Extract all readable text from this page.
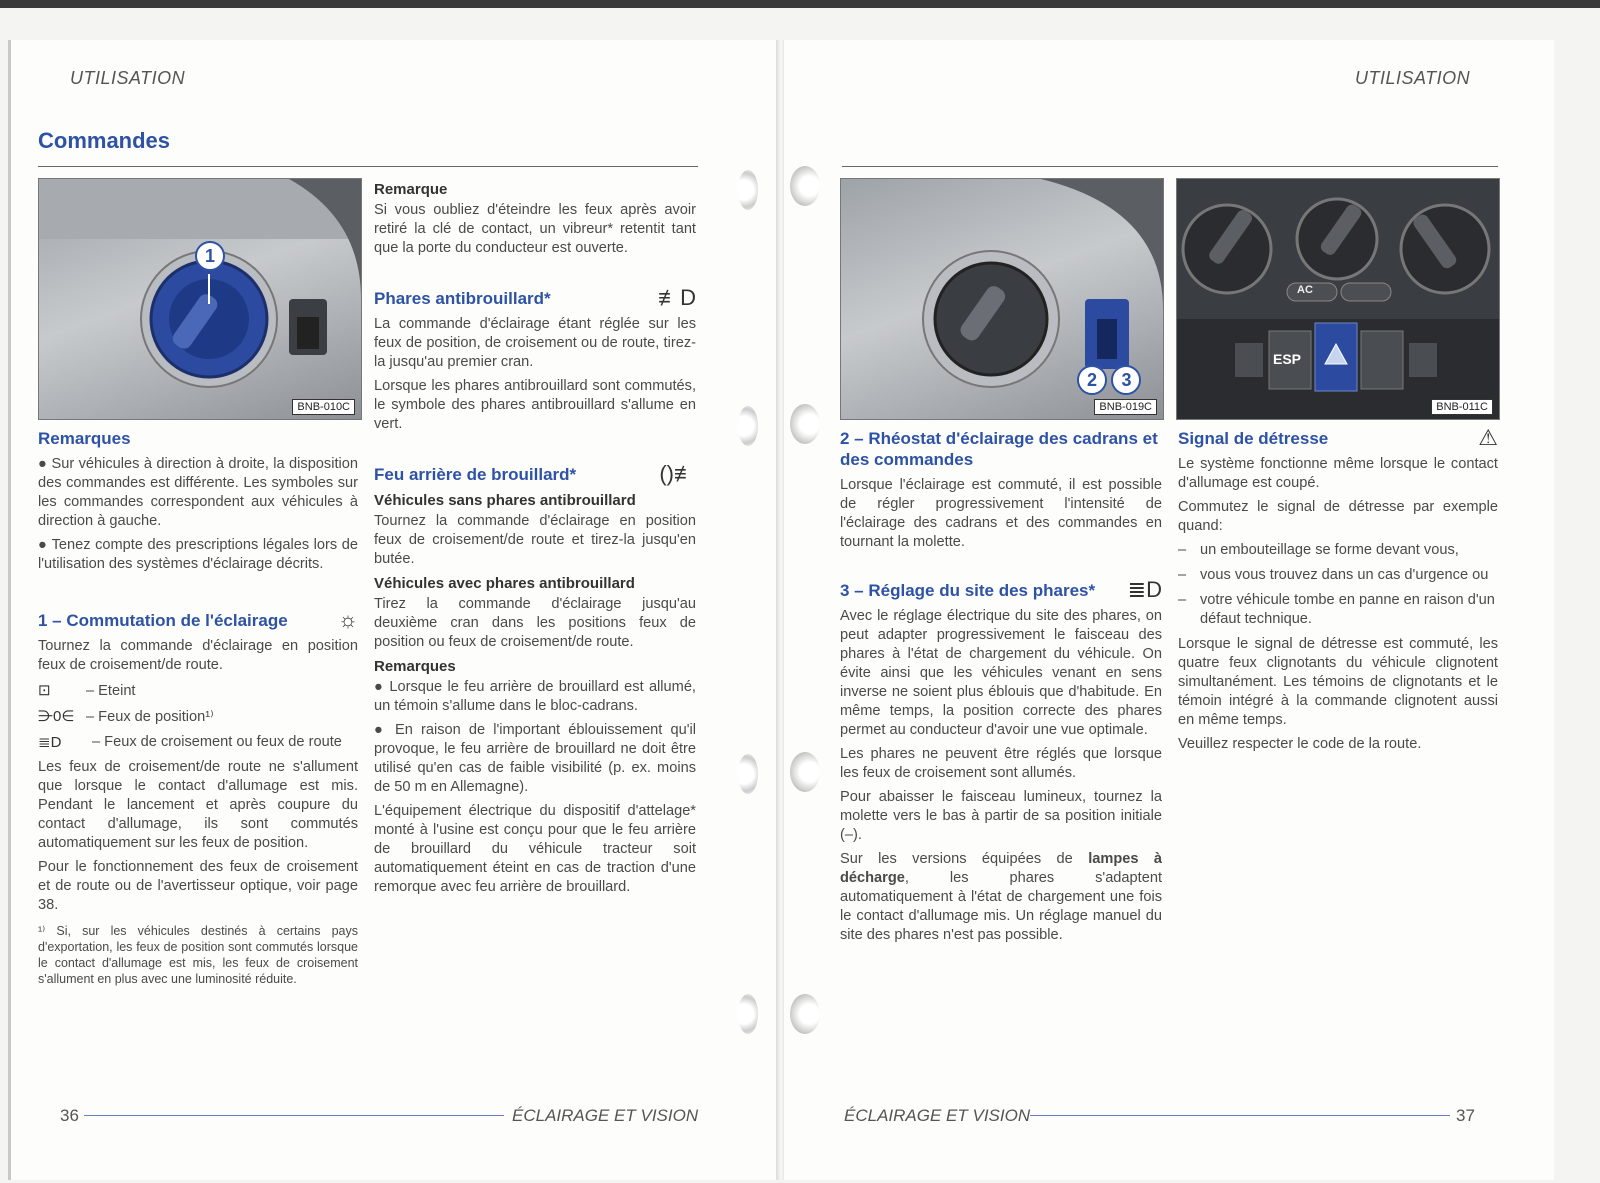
UTILISATION	UTILISATION
Commandes
1
BNB-010C
Remarques

● Sur véhicules à direction à droite, la disposition des commandes est différente. Les symboles sur les commandes correspondent aux véhicules à direction à gauche.

● Tenez compte des prescriptions légales lors de l'utilisation des systèmes d'éclairage décrits.

1 – Commutation de l'éclairage	☼

Tournez la commande d'éclairage en position feux de croisement/de route.

⊡ – Eteint
⋺0∈ – Feux de position¹⁾
≣D	– Feux de croisement ou feux de route

Les feux de croisement/de route ne s'allument que lorsque le contact d'allumage est mis. Pendant le lancement et après coupure du contact d'allumage, ils sont commutés automatiquement sur les feux de position.

Pour le fonctionnement des feux de croisement et de route ou de l'avertisseur optique, voir page 38.

¹⁾ Si, sur les véhicules destinés à certains pays d'exportation, les feux de position sont commutés lorsque le contact d'allumage est mis, les feux de croisement s'allument en plus avec une luminosité réduite.

Remarque

Si vous oubliez d'éteindre les feux après avoir retiré la clé de contact, un vibreur* retentit tant que la porte du conducteur est ouverte.

Phares antibrouillard*	≢D

La commande d'éclairage étant réglée sur les feux de position, de croisement ou de route, tirez-la jusqu'au premier cran.

Lorsque les phares antibrouillard sont commutés, le symbole des phares antibrouillard s'allume en vert.

Feu arrière de brouillard*	()≢
Véhicules sans phares antibrouillard

Tournez la commande d'éclairage en position feux de croisement/de route et tirez-la jusqu'en butée.

Véhicules avec phares antibrouillard

Tirez la commande d'éclairage jusqu'au deuxième cran dans les positions feux de position ou feux de croisement/de route.

Remarques

● Lorsque le feu arrière de brouillard est allumé, un témoin s'allume dans le bloc-cadrans.

● En raison de l'important éblouissement qu'il provoque, le feu arrière de brouillard ne doit être utilisé qu'en cas de faible visibilité (p. ex. moins de 50 m en Allemagne).

L'équipement électrique du dispositif d'attelage* monté à l'usine est conçu pour que le feu arrière de brouillard du véhicule tracteur soit automatiquement éteint en cas de traction d'une remorque avec feu arrière de brouillard.

36	ÉCLAIRAGE ET VISION
2 3
BNB-019C
AC
ESP
BNB-011C
2 – Rhéostat d'éclairage des cadrans et des commandes

Lorsque l'éclairage est commuté, il est possible de régler progressivement l'intensité de l'éclairage des cadrans et des commandes en tournant la molette.

3 – Réglage du site des phares*	≣D

Avec le réglage électrique du site des phares, on peut adapter progressivement le faisceau des phares à l'état de chargement du véhicule. On évite ainsi que les véhicules venant en sens inverse ne soient plus éblouis que d'habitude. En même temps, la position correcte des phares permet au conducteur d'avoir une vue optimale.

Les phares ne peuvent être réglés que lorsque les feux de croisement sont allumés.

Pour abaisser le faisceau lumineux, tournez la molette vers le bas à partir de sa position initiale (–).

Sur les versions équipées de lampes à décharge, les phares s'adaptent automatiquement à l'état de chargement une fois le contact d'allumage mis. Un réglage manuel du site des phares n'est pas possible.

Signal de détresse	⚠

Le système fonctionne même lorsque le contact d'allumage est coupé.

Commutez le signal de détresse par exemple quand:

– un embouteillage se forme devant vous,
– vous vous trouvez dans un cas d'urgence ou
– votre véhicule tombe en panne en raison d'un défaut technique.

Lorsque le signal de détresse est commuté, les quatre feux clignotants du véhicule clignotent simultanément. Les témoins de clignotants et le témoin intégré à la commande clignotent aussi en même temps.

Veuillez respecter le code de la route.

ÉCLAIRAGE ET VISION	37
